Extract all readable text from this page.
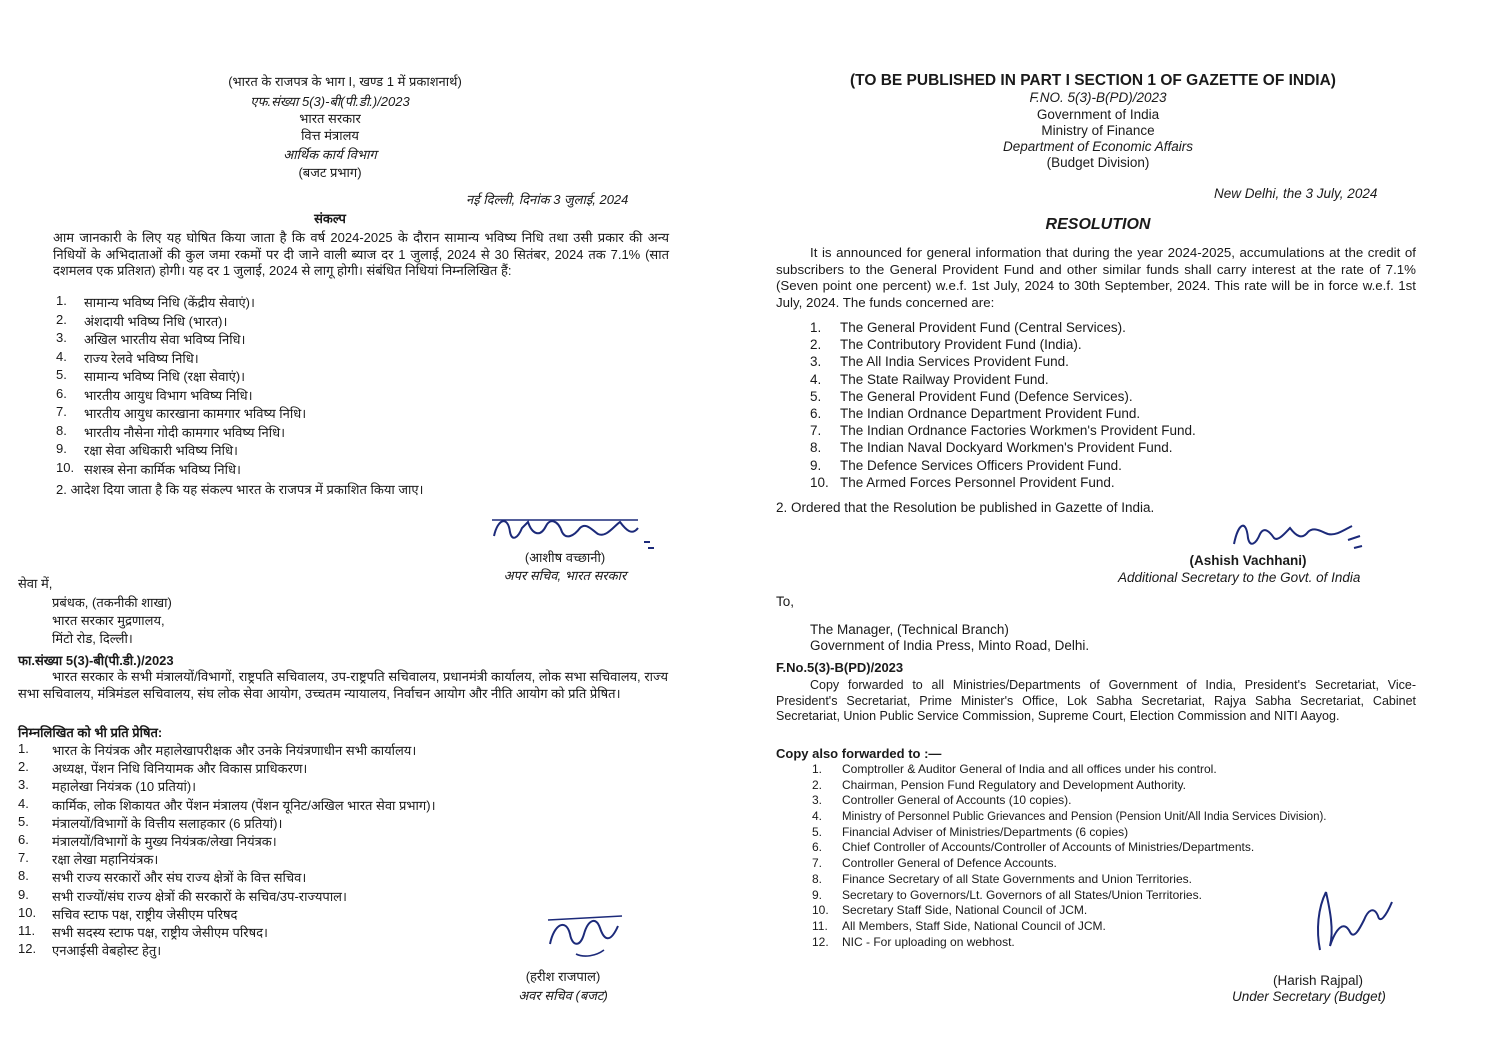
(भारत के राजपत्र के भाग I, खण्ड 1 में प्रकाशनार्थ)
एफ.संख्या 5(3)-बी(पी.डी.)/2023
भारत सरकार
वित्त मंत्रालय
आर्थिक कार्य विभाग
(बजट प्रभाग)
नई दिल्ली, दिनांक 3 जुलाई, 2024
संकल्प
आम जानकारी के लिए यह घोषित किया जाता है कि वर्ष 2024-2025 के दौरान सामान्य भविष्य निधि तथा उसी प्रकार की अन्य निधियों के अभिदाताओं की कुल जमा रकमों पर दी जाने वाली ब्याज दर 1 जुलाई, 2024 से 30 सितंबर, 2024 तक 7.1% (सात दशमलव एक प्रतिशत) होगी। यह दर 1 जुलाई, 2024 से लागू होगी। संबंधित निधियां निम्नलिखित हैं:
1. सामान्य भविष्य निधि (केंद्रीय सेवाएं)।
2. अंशदायी भविष्य निधि (भारत)।
3. अखिल भारतीय सेवा भविष्य निधि।
4. राज्य रेलवे भविष्य निधि।
5. सामान्य भविष्य निधि (रक्षा सेवाएं)।
6. भारतीय आयुध विभाग भविष्य निधि।
7. भारतीय आयुध कारखाना कामगार भविष्य निधि।
8. भारतीय नौसेना गोदी कामगार भविष्य निधि।
9. रक्षा सेवा अधिकारी भविष्य निधि।
10. सशस्त्र सेना कार्मिक भविष्य निधि।
2. आदेश दिया जाता है कि यह संकल्प भारत के राजपत्र में प्रकाशित किया जाए।
(आशीष वच्छानी)
अपर सचिव, भारत सरकार
सेवा में,
प्रबंधक, (तकनीकी शाखा)
भारत सरकार मुद्रणालय,
मिंटो रोड, दिल्ली।
फा.संख्या 5(3)-बी(पी.डी.)/2023
भारत सरकार के सभी मंत्रालयों/विभागों, राष्ट्रपति सचिवालय, उप-राष्ट्रपति सचिवालय, प्रधानमंत्री कार्यालय, लोक सभा सचिवालय, राज्य सभा सचिवालय, मंत्रिमंडल सचिवालय, संघ लोक सेवा आयोग, उच्चतम न्यायालय, निर्वाचन आयोग और नीति आयोग को प्रति प्रेषित।
निम्नलिखित को भी प्रति प्रेषित:
1. भारत के नियंत्रक और महालेखापरीक्षक और उनके नियंत्रणाधीन सभी कार्यालय।
2. अध्यक्ष, पेंशन निधि विनियामक और विकास प्राधिकरण।
3. महालेखा नियंत्रक (10 प्रतियां)।
4. कार्मिक, लोक शिकायत और पेंशन मंत्रालय (पेंशन यूनिट/अखिल भारत सेवा प्रभाग)।
5. मंत्रालयों/विभागों के वित्तीय सलाहकार (6 प्रतियां)।
6. मंत्रालयों/विभागों के मुख्य नियंत्रक/लेखा नियंत्रक।
7. रक्षा लेखा महानियंत्रक।
8. सभी राज्य सरकारों और संघ राज्य क्षेत्रों के वित्त सचिव।
9. सभी राज्यों/संघ राज्य क्षेत्रों की सरकारों के सचिव/उप-राज्यपाल।
10. सचिव स्टाफ पक्ष, राष्ट्रीय जेसीएम परिषद
11. सभी सदस्य स्टाफ पक्ष, राष्ट्रीय जेसीएम परिषद।
12. एनआईसी वेबहोस्ट हेतु।
(हरीश राजपाल)
अवर सचिव (बजट)
(TO BE PUBLISHED IN PART I SECTION 1 OF GAZETTE OF INDIA)
F.NO. 5(3)-B(PD)/2023
Government of India
Ministry of Finance
Department of Economic Affairs
(Budget Division)
New Delhi, the 3 July, 2024
RESOLUTION
It is announced for general information that during the year 2024-2025, accumulations at the credit of subscribers to the General Provident Fund and other similar funds shall carry interest at the rate of 7.1% (Seven point one percent) w.e.f. 1st July, 2024 to 30th September, 2024. This rate will be in force w.e.f. 1st July, 2024. The funds concerned are:
1. The General Provident Fund (Central Services).
2. The Contributory Provident Fund (India).
3. The All India Services Provident Fund.
4. The State Railway Provident Fund.
5. The General Provident Fund (Defence Services).
6. The Indian Ordnance Department Provident Fund.
7. The Indian Ordnance Factories Workmen's Provident Fund.
8. The Indian Naval Dockyard Workmen's Provident Fund.
9. The Defence Services Officers Provident Fund.
10. The Armed Forces Personnel Provident Fund.
2. Ordered that the Resolution be published in Gazette of India.
(Ashish Vachhani)
Additional Secretary to the Govt. of India
To,
The Manager, (Technical Branch)
Government of India Press, Minto Road, Delhi.
F.No.5(3)-B(PD)/2023
Copy forwarded to all Ministries/Departments of Government of India, President's Secretariat, Vice-President's Secretariat, Prime Minister's Office, Lok Sabha Secretariat, Rajya Sabha Secretariat, Cabinet Secretariat, Union Public Service Commission, Supreme Court, Election Commission and NITI Aayog.
Copy also forwarded to :—
1. Comptroller & Auditor General of India and all offices under his control.
2. Chairman, Pension Fund Regulatory and Development Authority.
3. Controller General of Accounts (10 copies).
4. Ministry of Personnel Public Grievances and Pension (Pension Unit/All India Services Division).
5. Financial Adviser of Ministries/Departments (6 copies)
6. Chief Controller of Accounts/Controller of Accounts of Ministries/Departments.
7. Controller General of Defence Accounts.
8. Finance Secretary of all State Governments and Union Territories.
9. Secretary to Governors/Lt. Governors of all States/Union Territories.
10. Secretary Staff Side, National Council of JCM.
11. All Members, Staff Side, National Council of JCM.
12. NIC - For uploading on webhost.
(Harish Rajpal)
Under Secretary (Budget)
